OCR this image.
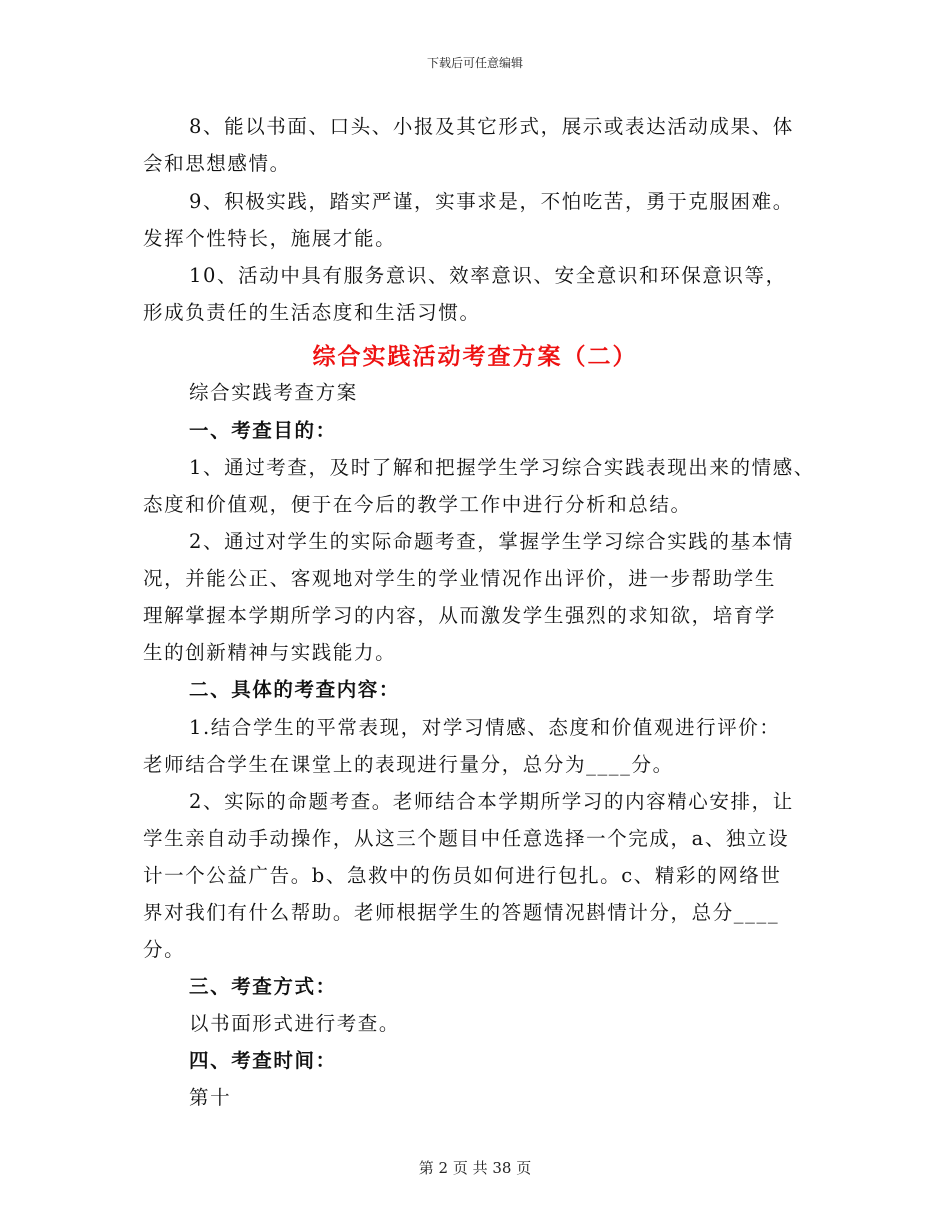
下载后可任意编辑
8、能以书面、口头、小报及其它形式，展示或表达活动成果、体
会和思想感情。
9、积极实践，踏实严谨，实事求是，不怕吃苦，勇于克服困难。
发挥个性特长，施展才能。
10、活动中具有服务意识、效率意识、安全意识和环保意识等，
形成负责任的生活态度和生活习惯。
综合实践活动考查方案（二）
综合实践考查方案
一、考查目的：
1、通过考查，及时了解和把握学生学习综合实践表现出来的情感、
态度和价值观，便于在今后的教学工作中进行分析和总结。
2、通过对学生的实际命题考查，掌握学生学习综合实践的基本情
况，并能公正、客观地对学生的学业情况作出评价，进一步帮助学生
理解掌握本学期所学习的内容，从而激发学生强烈的求知欲，培育学
生的创新精神与实践能力。
二、具体的考查内容：
1.结合学生的平常表现，对学习情感、态度和价值观进行评价：
老师结合学生在课堂上的表现进行量分，总分为____分。
2、实际的命题考查。老师结合本学期所学习的内容精心安排，让
学生亲自动手动操作，从这三个题目中任意选择一个完成，a、独立设
计一个公益广告。b、急救中的伤员如何进行包扎。c、精彩的网络世
界对我们有什么帮助。老师根据学生的答题情况斟情计分，总分____
分。
三、考查方式：
以书面形式进行考查。
四、考查时间：
第十
第 2 页 共 38 页
